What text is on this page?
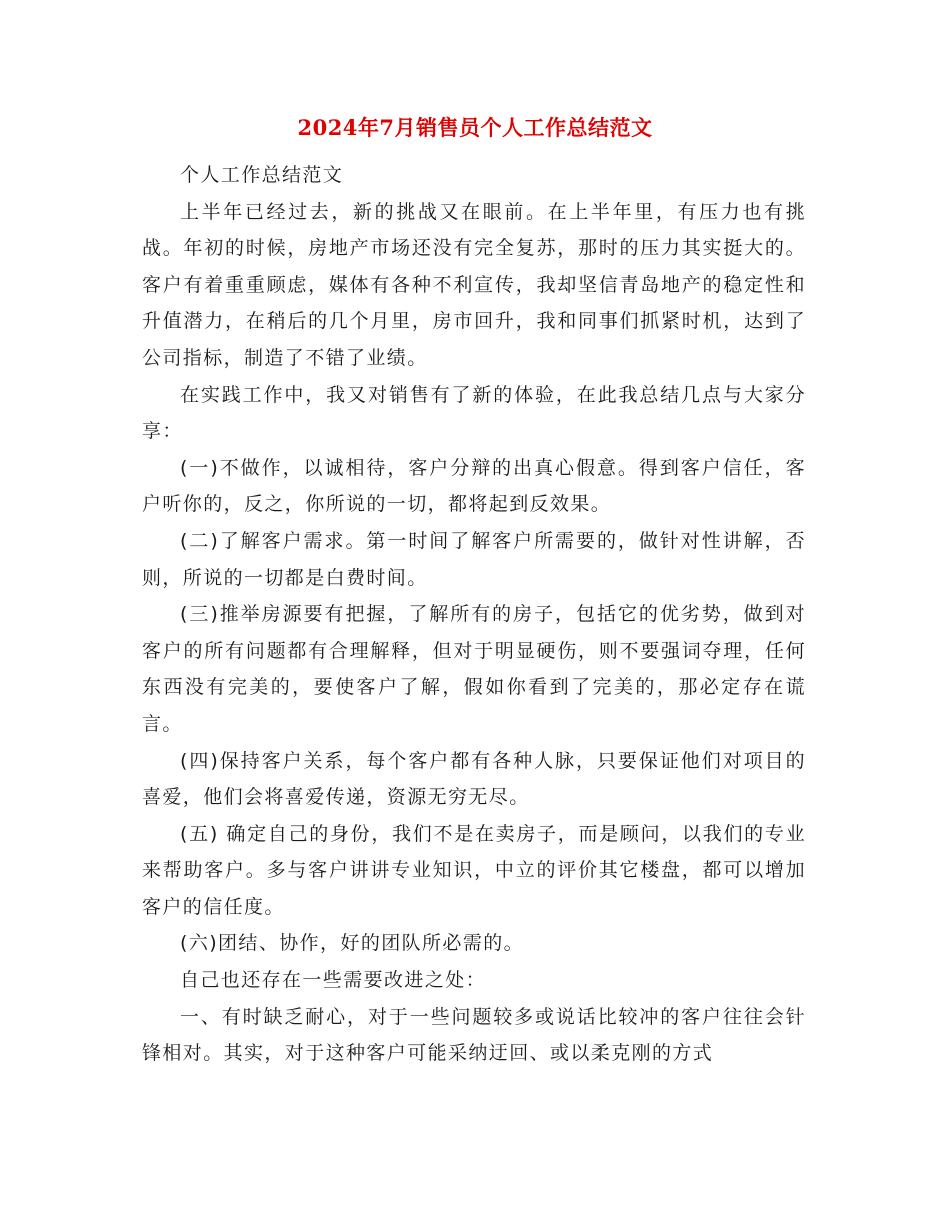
2024年7月销售员个人工作总结范文

个人工作总结范文

上半年已经过去，新的挑战又在眼前。在上半年里，有压力也有挑战。年初的时候，房地产市场还没有完全复苏，那时的压力其实挺大的。客户有着重重顾虑，媒体有各种不利宣传，我却坚信青岛地产的稳定性和升值潜力，在稍后的几个月里，房市回升，我和同事们抓紧时机，达到了公司指标，制造了不错了业绩。

在实践工作中，我又对销售有了新的体验，在此我总结几点与大家分享：

(一)不做作，以诚相待，客户分辩的出真心假意。得到客户信任，客户听你的，反之，你所说的一切，都将起到反效果。

(二)了解客户需求。第一时间了解客户所需要的，做针对性讲解，否则，所说的一切都是白费时间。

(三)推举房源要有把握，了解所有的房子，包括它的优劣势，做到对客户的所有问题都有合理解释，但对于明显硬伤，则不要强词夺理，任何东西没有完美的，要使客户了解，假如你看到了完美的，那必定存在谎言。

(四)保持客户关系，每个客户都有各种人脉，只要保证他们对项目的喜爱，他们会将喜爱传递，资源无穷无尽。

(五) 确定自己的身份，我们不是在卖房子，而是顾问，以我们的专业来帮助客户。多与客户讲讲专业知识，中立的评价其它楼盘，都可以增加客户的信任度。

(六)团结、协作，好的团队所必需的。

自己也还存在一些需要改进之处：

一、有时缺乏耐心，对于一些问题较多或说话比较冲的客户往往会针锋相对。其实，对于这种客户可能采纳迂回、或以柔克刚的方式
